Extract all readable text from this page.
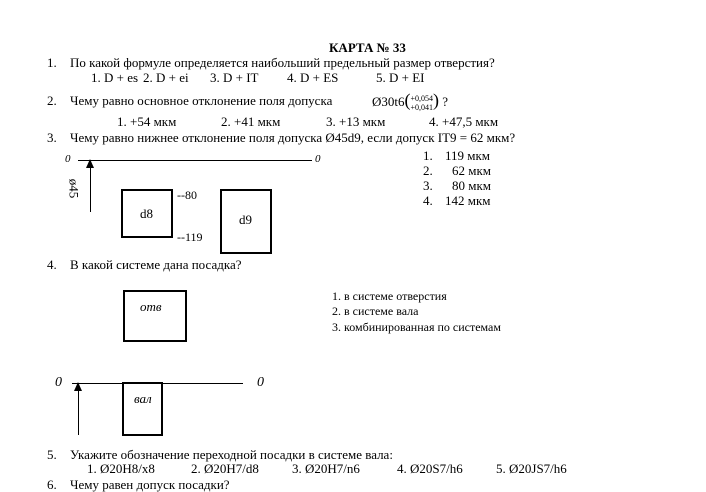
КАРТА № 33
1. По какой формуле определяется наибольший предельный размер отверстия?
1. D + es 2. D + ei 3. D + IT 4. D + ES	5. D + EI
2. Чему равно основное отклонение поля допуска	Ø30t6(+0,054
+0,041) ?
1. +54 мкм	2. +41 мкм	3. +13 мкм	4. +47,5 мкм
3. Чему равно нижнее отклонение поля допуска Ø45d9, если допуск IT9 = 62 мкм?
0	0
ø45
d8
--80
--119
d9
1. 119 мкм
2. 62 мкм
3. 80 мкм
4. 142 мкм
4. В какой системе дана посадка?
отв
0	0
вал
1. в системе отверстия
2. в системе вала
3. комбинированная по системам
5. Укажите обозначение переходной посадки в системе вала:
1. Ø20H8/x8	2. Ø20H7/d8	3. Ø20H7/n6	4. Ø20S7/h6	5. Ø20JS7/h6
6. Чему равен допуск посадки?
